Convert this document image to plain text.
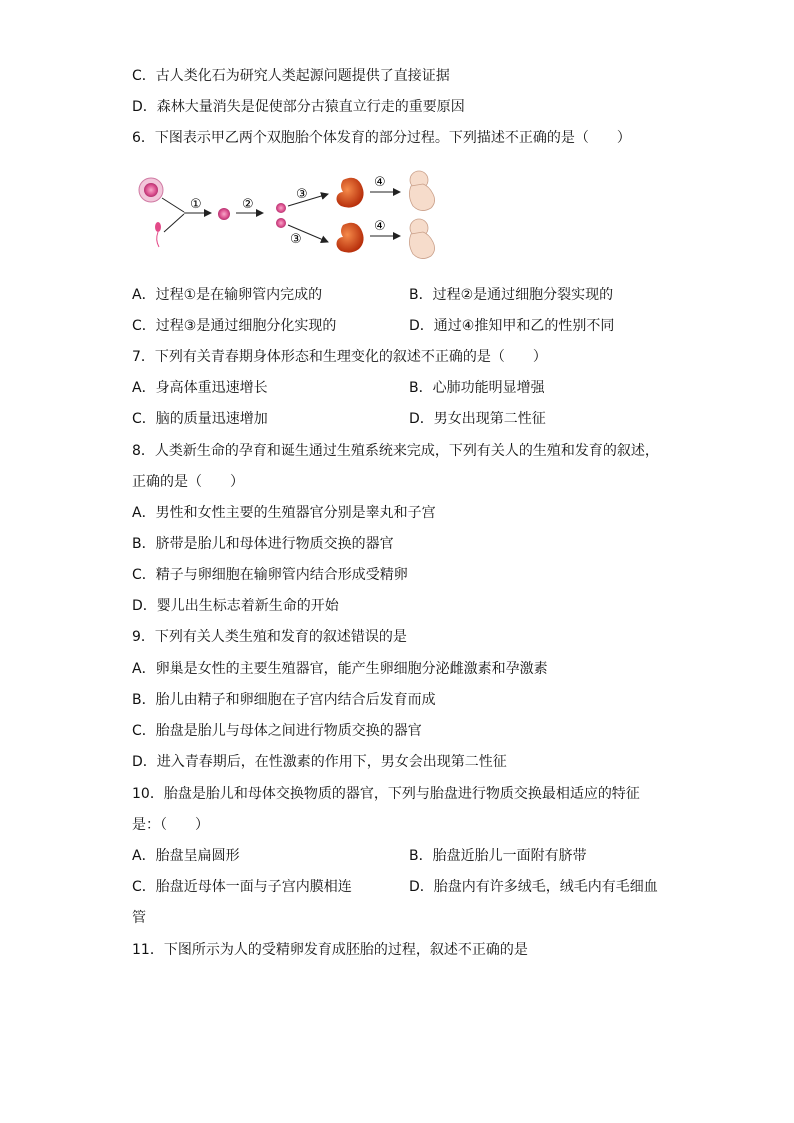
C．古人类化石为研究人类起源问题提供了直接证据
D．森林大量消失是促使部分古猿直立行走的重要原因
6．下图表示甲乙两个双胞胎个体发育的部分过程。下列描述不正确的是（　　）
①	②
③
③
④
④
A．过程①是在输卵管内完成的	B．过程②是通过细胞分裂实现的
C．过程③是通过细胞分化实现的	D．通过④推知甲和乙的性别不同
7．下列有关青春期身体形态和生理变化的叙述不正确的是（　　）
A．身高体重迅速增长	B．心肺功能明显增强
C．脑的质量迅速增加	D．男女出现第二性征
8．人类新生命的孕育和诞生通过生殖系统来完成，下列有关人的生殖和发育的叙述，
正确的是（　　）
A．男性和女性主要的生殖器官分别是睾丸和子宫
B．脐带是胎儿和母体进行物质交换的器官
C．精子与卵细胞在输卵管内结合形成受精卵
D．婴儿出生标志着新生命的开始
9．下列有关人类生殖和发育的叙述错误的是
A．卵巢是女性的主要生殖器官，能产生卵细胞分泌雌激素和孕激素
B．胎儿由精子和卵细胞在子宫内结合后发育而成
C．胎盘是胎儿与母体之间进行物质交换的器官
D．进入青春期后，在性激素的作用下，男女会出现第二性征
10．胎盘是胎儿和母体交换物质的器官，下列与胎盘进行物质交换最相适应的特征
是：（　　）
A．胎盘呈扁圆形	B．胎盘近胎儿一面附有脐带
C．胎盘近母体一面与子宫内膜相连	D．胎盘内有许多绒毛，绒毛内有毛细血
管
11．下图所示为人的受精卵发育成胚胎的过程，叙述不正确的是
